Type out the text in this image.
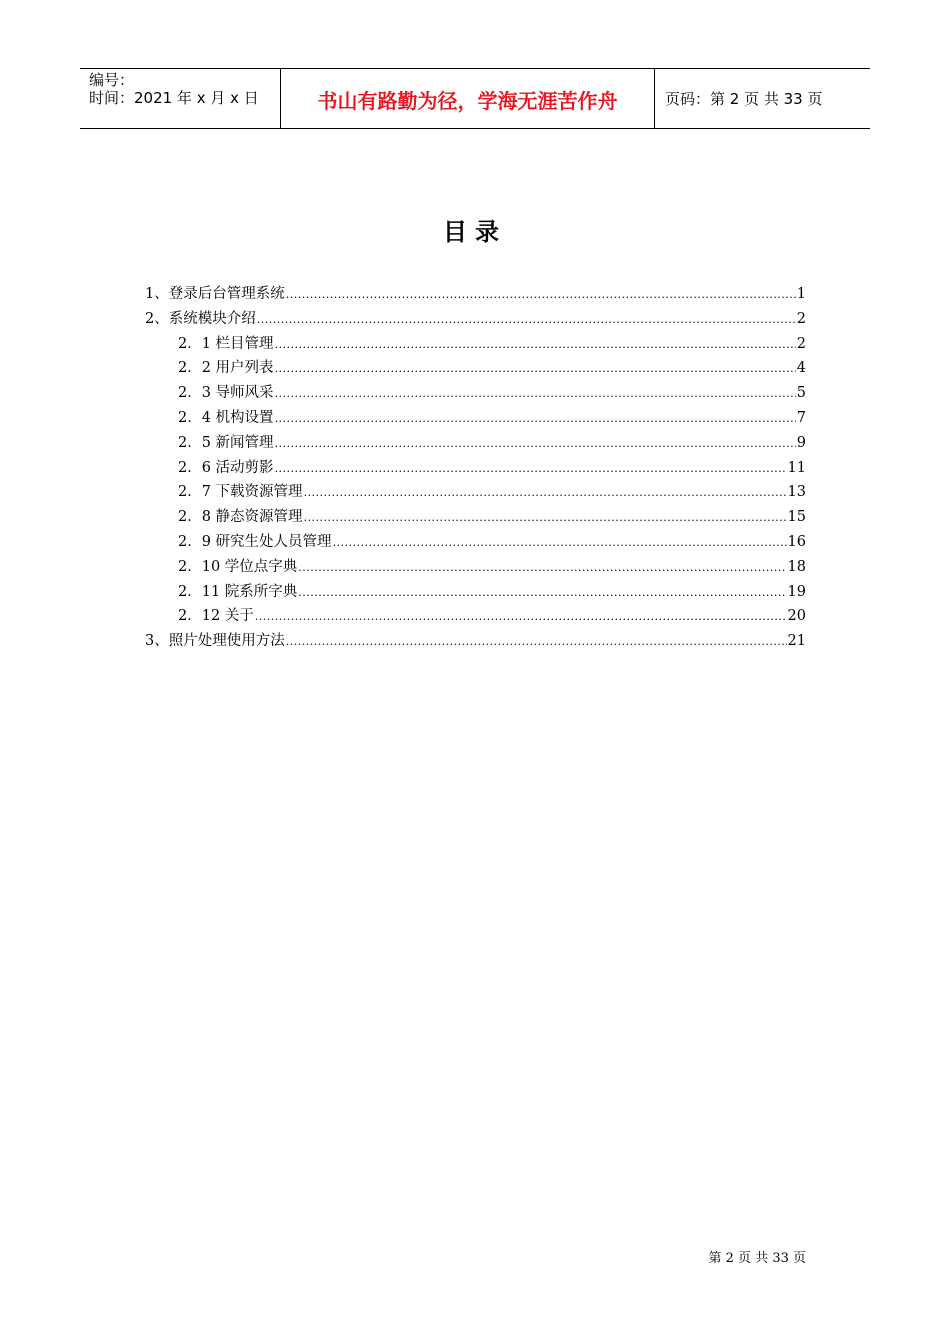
编号：
时间：2021 年 x 月 x 日	书山有路勤为径，学海无涯苦作舟	页码：第 2 页 共 33 页
目录
1、登录后台管理系统 .....	1
2、系统模块介绍 .....	2
2．1 栏目管理 .....	2
2．2 用户列表 .....	4
2．3 导师风采 .....	5
2．4 机构设置 .....	7
2．5 新闻管理 .....	9
2．6 活动剪影 .....	11
2．7 下载资源管理 .....	13
2．8 静态资源管理 .....	15
2．9 研究生处人员管理 .....	16
2．10 学位点字典 .....	18
2．11 院系所字典 .....	19
2．12 关于 .....	20
3、照片处理使用方法 .....	21
第 2 页 共 33 页
